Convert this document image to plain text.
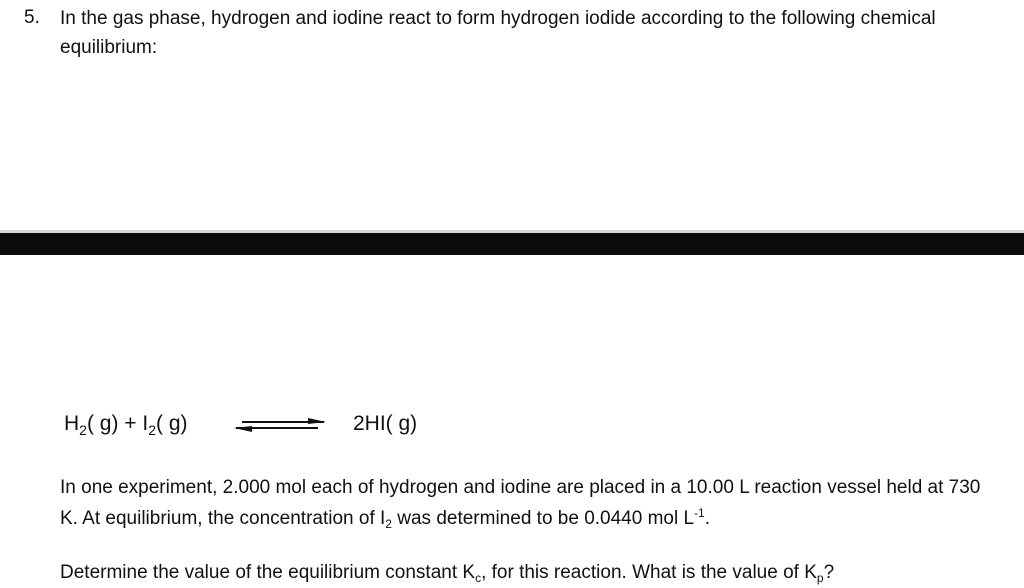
5. In the gas phase, hydrogen and iodine react to form hydrogen iodide according to the following chemical equilibrium:
$H_2$( $g) + I_2$( g)	2HI( g)
In one experiment, 2.000 mol each of hydrogen and iodine are placed in a 10.00 L reaction vessel held at 730 K. At equilibrium, the concentration of $I_2$ was determined to be 0.0440 mol $L^{-1}$.
Determine the value of the equilibrium constant $K_c$, for this reaction. What is the value of $K_p$?
